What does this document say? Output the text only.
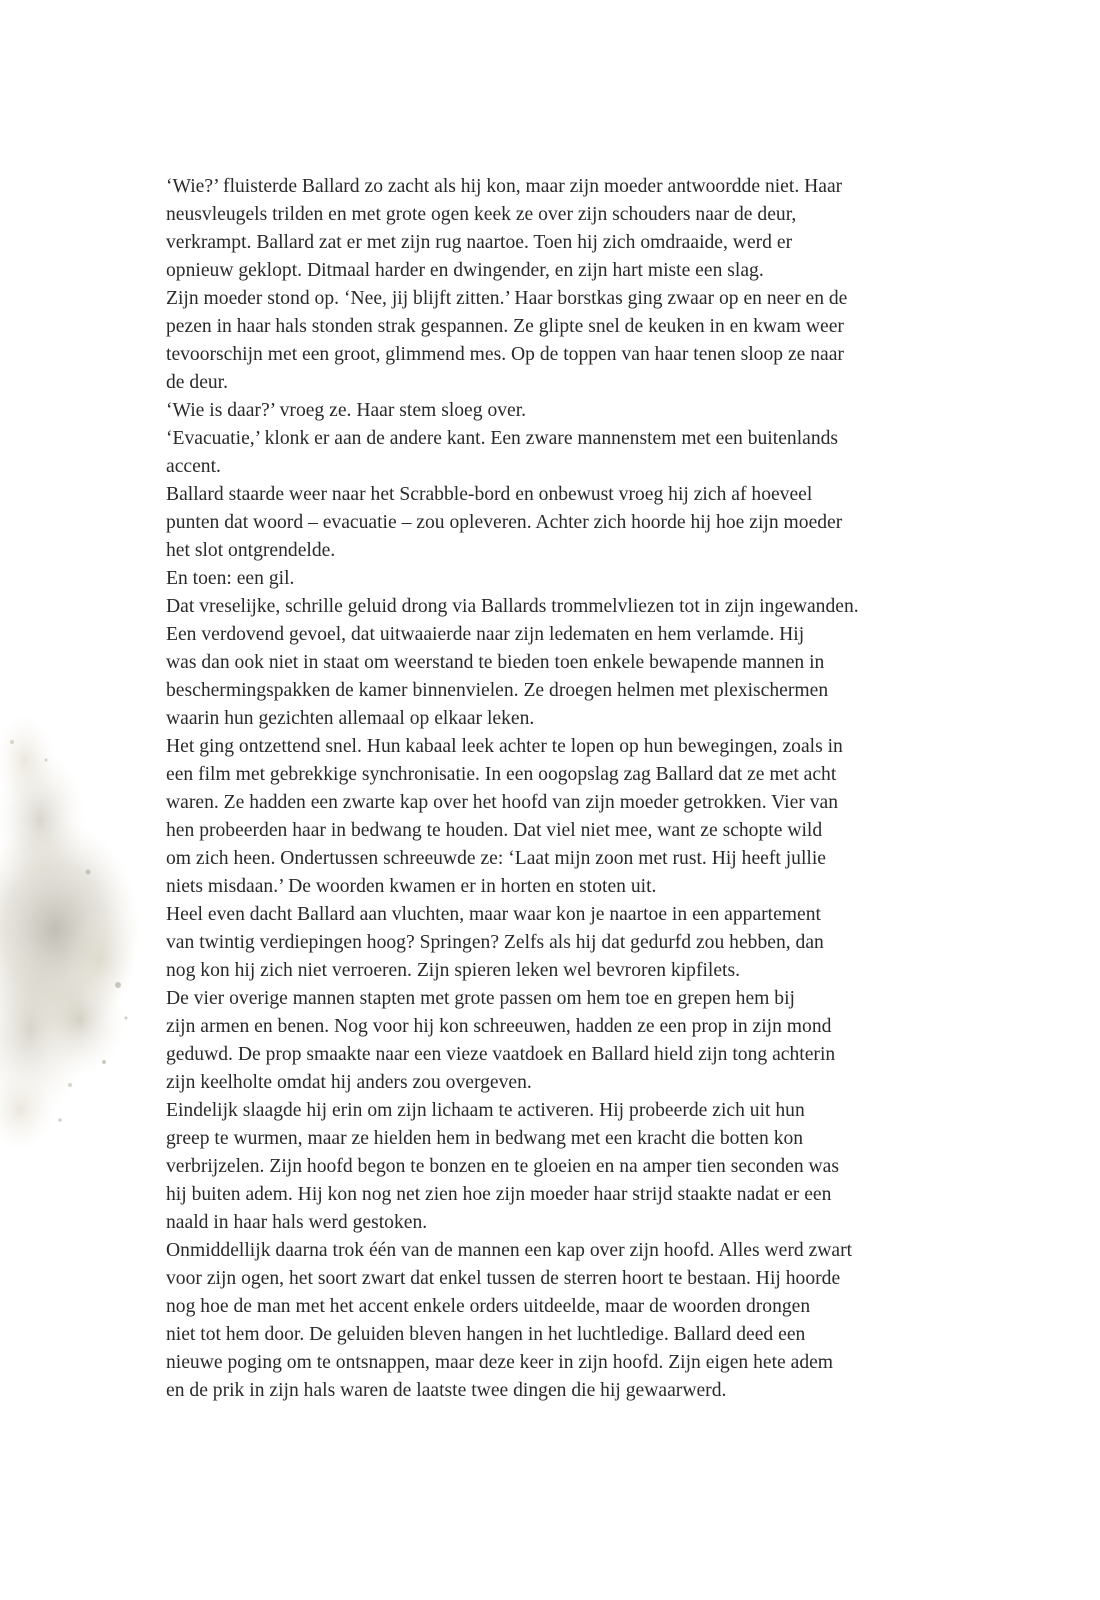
‘Wie?’ fluisterde Ballard zo zacht als hij kon, maar zijn moeder antwoordde niet. Haar
neusvleugels trilden en met grote ogen keek ze over zijn schouders naar de deur,
verkrampt. Ballard zat er met zijn rug naartoe. Toen hij zich omdraaide, werd er
opnieuw geklopt. Ditmaal harder en dwingender, en zijn hart miste een slag.
Zijn moeder stond op. ‘Nee, jij blijft zitten.’ Haar borstkas ging zwaar op en neer en de
pezen in haar hals stonden strak gespannen. Ze glipte snel de keuken in en kwam weer
tevoorschijn met een groot, glimmend mes. Op de toppen van haar tenen sloop ze naar
de deur.
‘Wie is daar?’ vroeg ze. Haar stem sloeg over.
‘Evacuatie,’ klonk er aan de andere kant. Een zware mannenstem met een buitenlands
accent.
Ballard staarde weer naar het Scrabble-bord en onbewust vroeg hij zich af hoeveel
punten dat woord – evacuatie – zou opleveren. Achter zich hoorde hij hoe zijn moeder
het slot ontgrendelde.
En toen: een gil.
Dat vreselijke, schrille geluid drong via Ballards trommelvliezen tot in zijn ingewanden.
Een verdovend gevoel, dat uitwaaierde naar zijn ledematen en hem verlamde. Hij
was dan ook niet in staat om weerstand te bieden toen enkele bewapende mannen in
beschermingspakken de kamer binnenvielen. Ze droegen helmen met plexischermen
waarin hun gezichten allemaal op elkaar leken.
Het ging ontzettend snel. Hun kabaal leek achter te lopen op hun bewegingen, zoals in
een film met gebrekkige synchronisatie. In een oogopslag zag Ballard dat ze met acht
waren. Ze hadden een zwarte kap over het hoofd van zijn moeder getrokken. Vier van
hen probeerden haar in bedwang te houden. Dat viel niet mee, want ze schopte wild
om zich heen. Ondertussen schreeuwde ze: ‘Laat mijn zoon met rust. Hij heeft jullie
niets misdaan.’ De woorden kwamen er in horten en stoten uit.
Heel even dacht Ballard aan vluchten, maar waar kon je naartoe in een appartement
van twintig verdiepingen hoog? Springen? Zelfs als hij dat gedurfd zou hebben, dan
nog kon hij zich niet verroeren. Zijn spieren leken wel bevroren kipfilets.
De vier overige mannen stapten met grote passen om hem toe en grepen hem bij
zijn armen en benen. Nog voor hij kon schreeuwen, hadden ze een prop in zijn mond
geduwd. De prop smaakte naar een vieze vaatdoek en Ballard hield zijn tong achterin
zijn keelholte omdat hij anders zou overgeven.
Eindelijk slaagde hij erin om zijn lichaam te activeren. Hij probeerde zich uit hun
greep te wurmen, maar ze hielden hem in bedwang met een kracht die botten kon
verbrijzelen. Zijn hoofd begon te bonzen en te gloeien en na amper tien seconden was
hij buiten adem. Hij kon nog net zien hoe zijn moeder haar strijd staakte nadat er een
naald in haar hals werd gestoken.
Onmiddellijk daarna trok één van de mannen een kap over zijn hoofd. Alles werd zwart
voor zijn ogen, het soort zwart dat enkel tussen de sterren hoort te bestaan. Hij hoorde
nog hoe de man met het accent enkele orders uitdeelde, maar de woorden drongen
niet tot hem door. De geluiden bleven hangen in het luchtledige. Ballard deed een
nieuwe poging om te ontsnappen, maar deze keer in zijn hoofd. Zijn eigen hete adem
en de prik in zijn hals waren de laatste twee dingen die hij gewaarwerd.
